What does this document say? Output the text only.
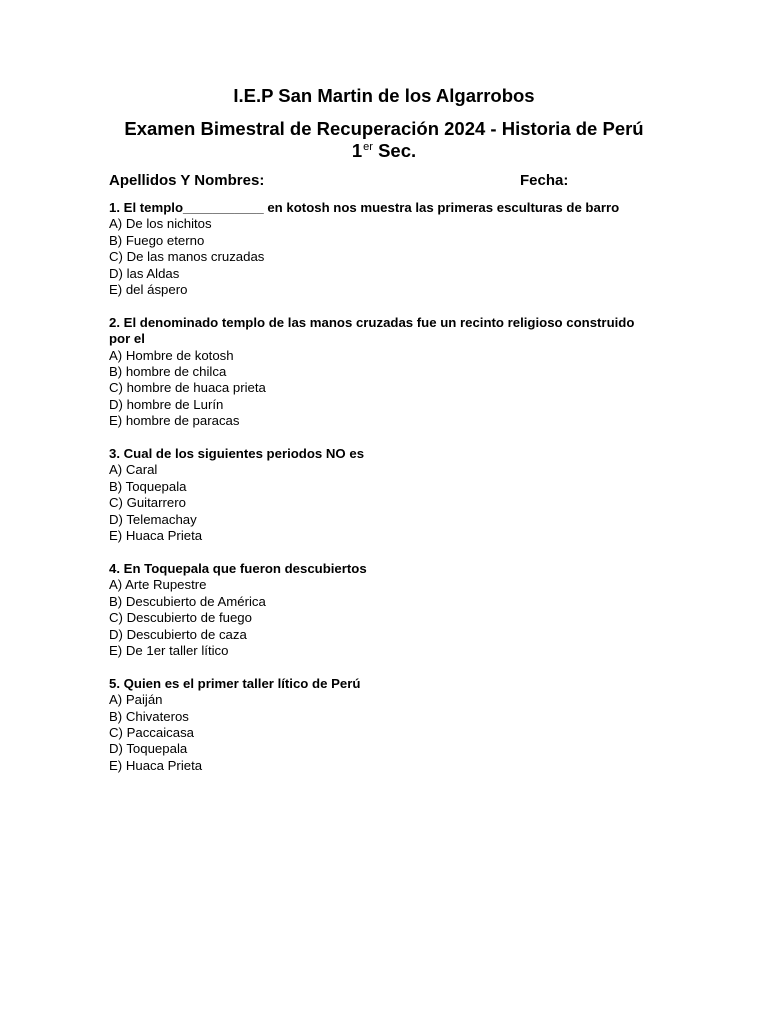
I.E.P San Martin de los Algarrobos
Examen Bimestral de Recuperación 2024 - Historia de Perú
1er Sec.
Apellidos Y Nombres:	Fecha:
1. El templo___________ en kotosh nos muestra las primeras esculturas de barro
A) De los nichitos
B) Fuego eterno
C) De las manos cruzadas
D) las Aldas
E) del áspero
2. El denominado templo de las manos cruzadas fue un recinto religioso construido por el
A) Hombre de kotosh
B) hombre de chilca
C) hombre de huaca prieta
D) hombre de Lurín
E) hombre de paracas
3. Cual de los siguientes periodos NO es
A) Caral
B) Toquepala
C) Guitarrero
D) Telemachay
E) Huaca Prieta
4. En Toquepala que fueron descubiertos
A) Arte Rupestre
B) Descubierto de América
C) Descubierto de fuego
D) Descubierto de caza
E) De 1er taller lítico
5. Quien es el primer taller lítico de Perú
A) Paiján
B) Chivateros
C) Paccaicasa
D) Toquepala
E) Huaca Prieta
